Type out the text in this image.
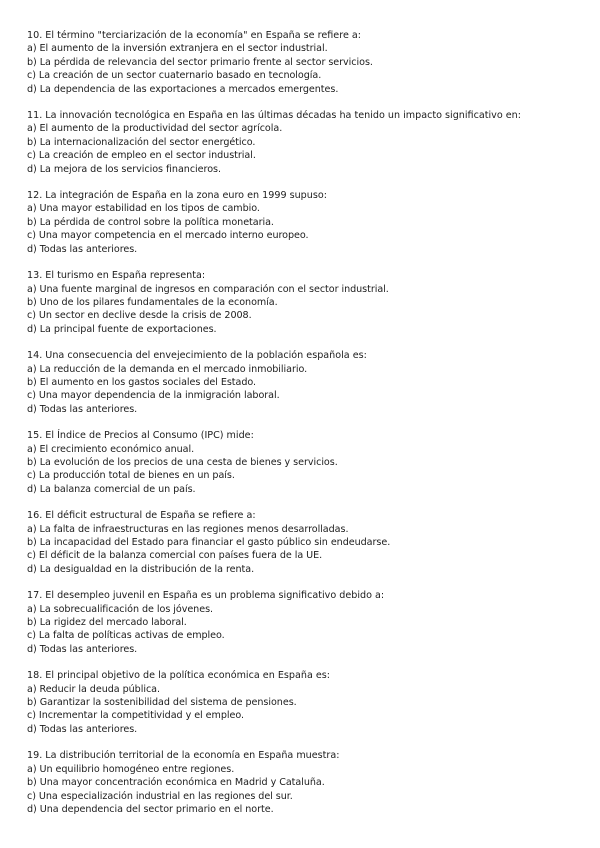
10. El término "terciarización de la economía" en España se refiere a:

a) El aumento de la inversión extranjera en el sector industrial.

b) La pérdida de relevancia del sector primario frente al sector servicios.

c) La creación de un sector cuaternario basado en tecnología.

d) La dependencia de las exportaciones a mercados emergentes.

11. La innovación tecnológica en España en las últimas décadas ha tenido un impacto significativo en:

a) El aumento de la productividad del sector agrícola.

b) La internacionalización del sector energético.

c) La creación de empleo en el sector industrial.

d) La mejora de los servicios financieros.

12. La integración de España en la zona euro en 1999 supuso:

a) Una mayor estabilidad en los tipos de cambio.

b) La pérdida de control sobre la política monetaria.

c) Una mayor competencia en el mercado interno europeo.

d) Todas las anteriores.

13. El turismo en España representa:

a) Una fuente marginal de ingresos en comparación con el sector industrial.

b) Uno de los pilares fundamentales de la economía.

c) Un sector en declive desde la crisis de 2008.

d) La principal fuente de exportaciones.

14. Una consecuencia del envejecimiento de la población española es:

a) La reducción de la demanda en el mercado inmobiliario.

b) El aumento en los gastos sociales del Estado.

c) Una mayor dependencia de la inmigración laboral.

d) Todas las anteriores.

15. El Índice de Precios al Consumo (IPC) mide:

a) El crecimiento económico anual.

b) La evolución de los precios de una cesta de bienes y servicios.

c) La producción total de bienes en un país.

d) La balanza comercial de un país.

16. El déficit estructural de España se refiere a:

a) La falta de infraestructuras en las regiones menos desarrolladas.

b) La incapacidad del Estado para financiar el gasto público sin endeudarse.

c) El déficit de la balanza comercial con países fuera de la UE.

d) La desigualdad en la distribución de la renta.

17. El desempleo juvenil en España es un problema significativo debido a:

a) La sobrecualificación de los jóvenes.

b) La rigidez del mercado laboral.

c) La falta de políticas activas de empleo.

d) Todas las anteriores.

18. El principal objetivo de la política económica en España es:

a) Reducir la deuda pública.

b) Garantizar la sostenibilidad del sistema de pensiones.

c) Incrementar la competitividad y el empleo.

d) Todas las anteriores.

19. La distribución territorial de la economía en España muestra:

a) Un equilibrio homogéneo entre regiones.

b) Una mayor concentración económica en Madrid y Cataluña.

c) Una especialización industrial en las regiones del sur.

d) Una dependencia del sector primario en el norte.
